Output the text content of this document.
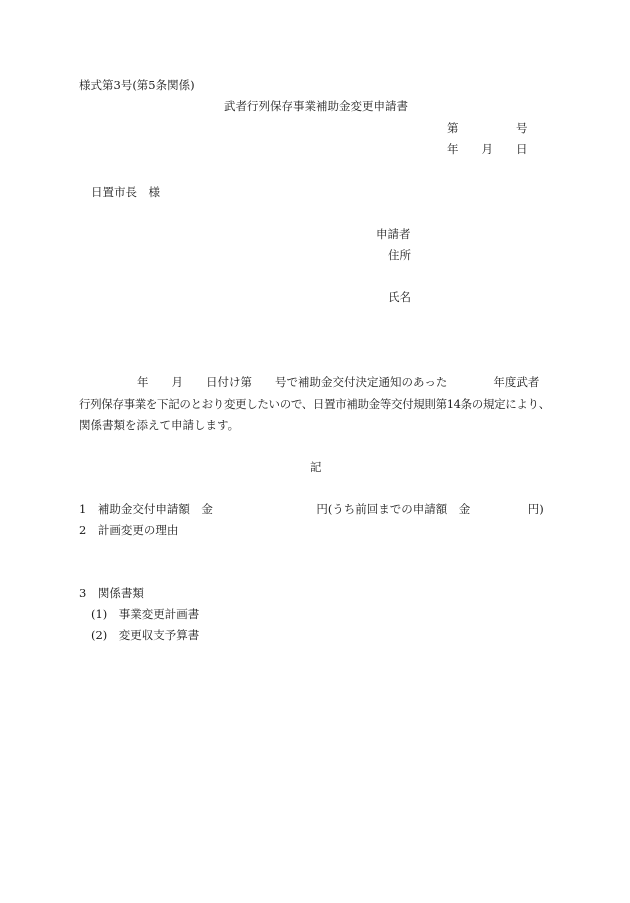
様式第3号(第5条関係)
武者行列保存事業補助金変更申請書
第　　　　　号
年　　月　　日
日置市長　様
申請者
住所
氏名
年　　月　　日付け第　　号で補助金交付決定通知のあった　　　　年度武者
行列保存事業を下記のとおり変更したいので、日置市補助金等交付規則第14条の規定により、
関係書類を添えて申請します。
記
1　補助金交付申請額　金　　　　　　　　　円(うち前回までの申請額　金　　　　　円)
2　計画変更の理由
3　関係書類
(1)　事業変更計画書
(2)　変更収支予算書
